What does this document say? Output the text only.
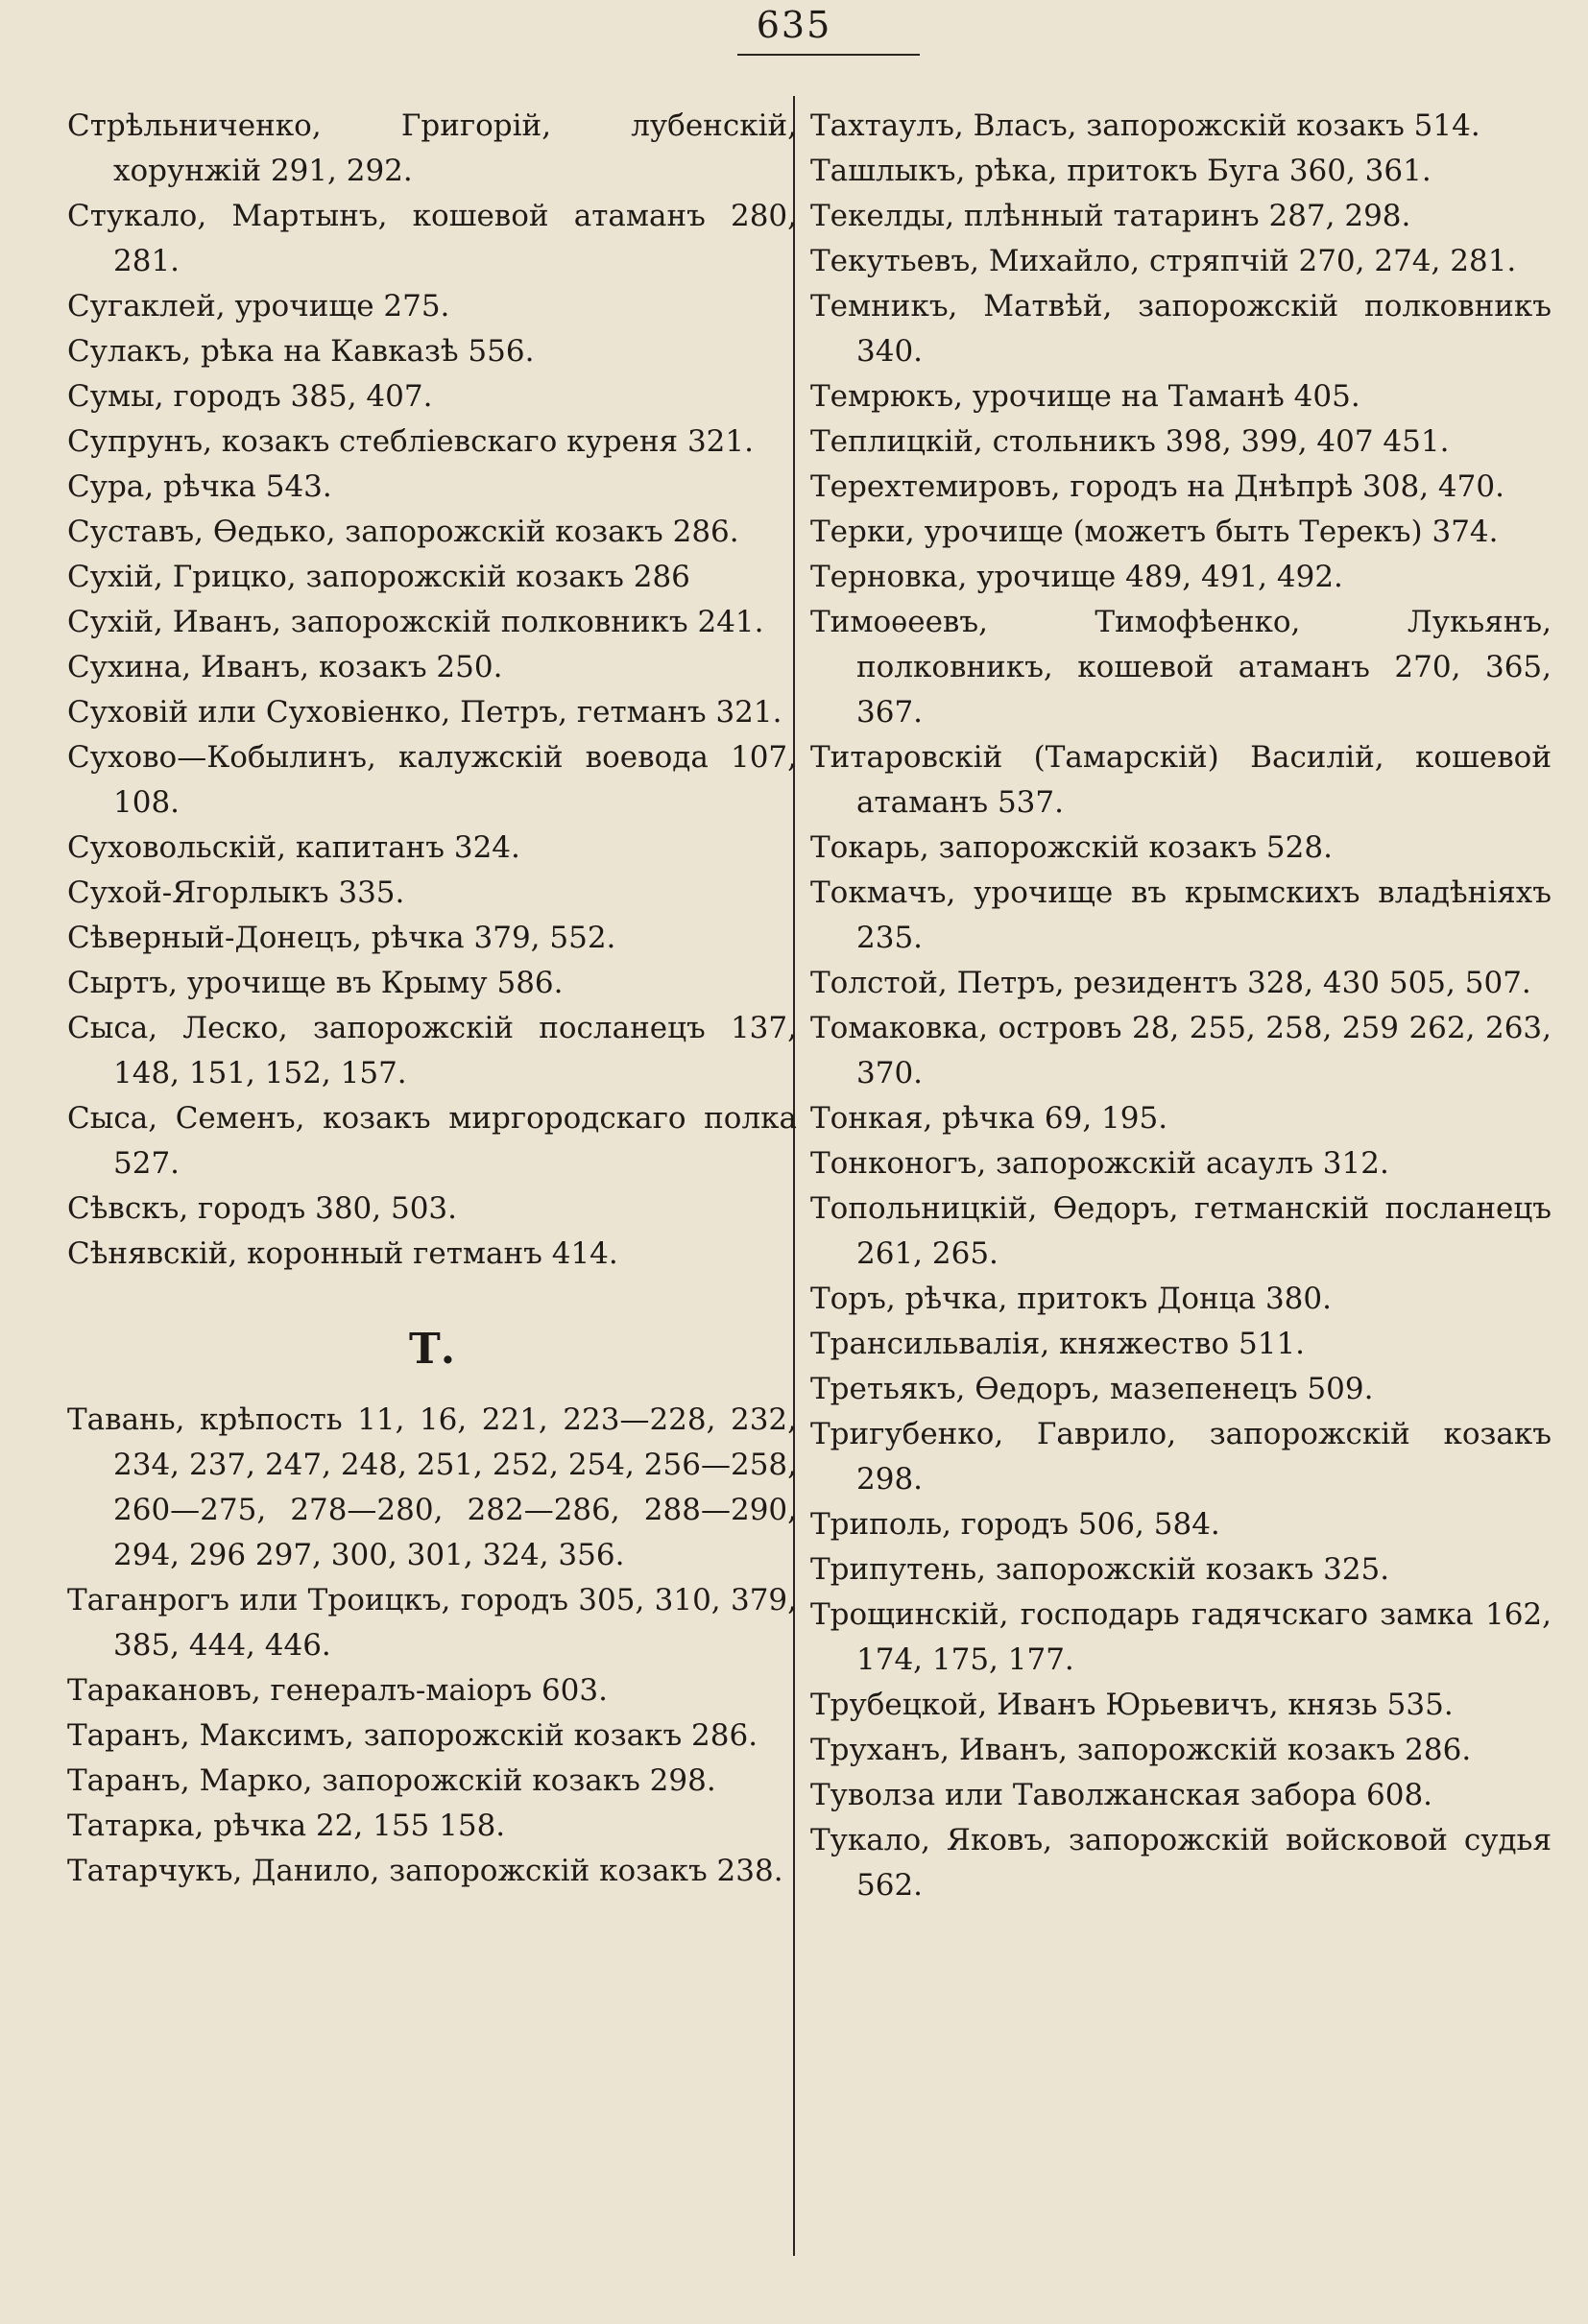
635

Стрѣльниченко, Григорій, лубенскій, хорунжій 291, 292.

Стукало, Мартынъ, кошевой атаманъ 280, 281.

Сугаклей, урочище 275.

Сулакъ, рѣка на Кавказѣ 556.

Сумы, городъ 385, 407.

Супрунъ, козакъ стебліевскаго куреня 321.

Сура, рѣчка 543.

Суставъ, Ѳедько, запорожскій козакъ 286.

Сухій, Грицко, запорожскій козакъ 286

Сухій, Иванъ, запорожскій полковникъ 241.

Сухина, Иванъ, козакъ 250.

Суховій или Суховіенко, Петръ, гетманъ 321.

Сухово—Кобылинъ, калужскій воевода 107, 108.

Суховольскій, капитанъ 324.

Сухой-Ягорлыкъ 335.

Сѣверный-Донецъ, рѣчка 379, 552.

Сыртъ, урочище въ Крыму 586.

Сыса, Леско, запорожскій посланецъ 137, 148, 151, 152, 157.

Сыса, Семенъ, козакъ миргородскаго полка 527.

Сѣвскъ, городъ 380, 503.

Сѣнявскій, коронный гетманъ 414.

Т.

Тавань, крѣпость 11, 16, 221, 223—228, 232, 234, 237, 247, 248, 251, 252, 254, 256—258, 260—275, 278—280, 282—286, 288—290, 294, 296 297, 300, 301, 324, 356.

Таганрогъ или Троицкъ, городъ 305, 310, 379, 385, 444, 446.

Таракановъ, генералъ-маіоръ 603.

Таранъ, Максимъ, запорожскій козакъ 286.

Таранъ, Марко, запорожскій козакъ 298.

Татарка, рѣчка 22, 155 158.

Татарчукъ, Данило, запорожскій козакъ 238.

Тахтаулъ, Власъ, запорожскій козакъ 514.

Ташлыкъ, рѣка, притокъ Буга 360, 361.

Текелды, плѣнный татаринъ 287, 298.

Текутьевъ, Михайло, стряпчій 270, 274, 281.

Темникъ, Матвѣй, запорожскій полковникъ 340.

Темрюкъ, урочище на Таманѣ 405.

Теплицкій, стольникъ 398, 399, 407 451.

Терехтемировъ, городъ на Днѣпрѣ 308, 470.

Терки, урочище (можетъ быть Терекъ) 374.

Терновка, урочище 489, 491, 492.

Тимоѳеевъ, Тимофѣенко, Лукьянъ, полковникъ, кошевой атаманъ 270, 365, 367.

Титаровскій (Тамарскій) Василій, кошевой атаманъ 537.

Токарь, запорожскій козакъ 528.

Токмачъ, урочище въ крымскихъ владѣніяхъ 235.

Толстой, Петръ, резидентъ 328, 430 505, 507.

Томаковка, островъ 28, 255, 258, 259 262, 263, 370.

Тонкая, рѣчка 69, 195.

Тонконогъ, запорожскій асаулъ 312.

Топольницкій, Ѳедоръ, гетманскій посланецъ 261, 265.

Торъ, рѣчка, притокъ Донца 380.

Трансильвалія, княжество 511.

Третьякъ, Ѳедоръ, мазепенецъ 509.

Тригубенко, Гаврило, запорожскій козакъ 298.

Триполь, городъ 506, 584.

Трипутень, запорожскій козакъ 325.

Трощинскій, господарь гадячскаго замка 162, 174, 175, 177.

Трубецкой, Иванъ Юрьевичъ, князь 535.

Труханъ, Иванъ, запорожскій козакъ 286.

Туволза или Таволжанская забора 608.

Тукало, Яковъ, запорожскій войсковой судья 562.
